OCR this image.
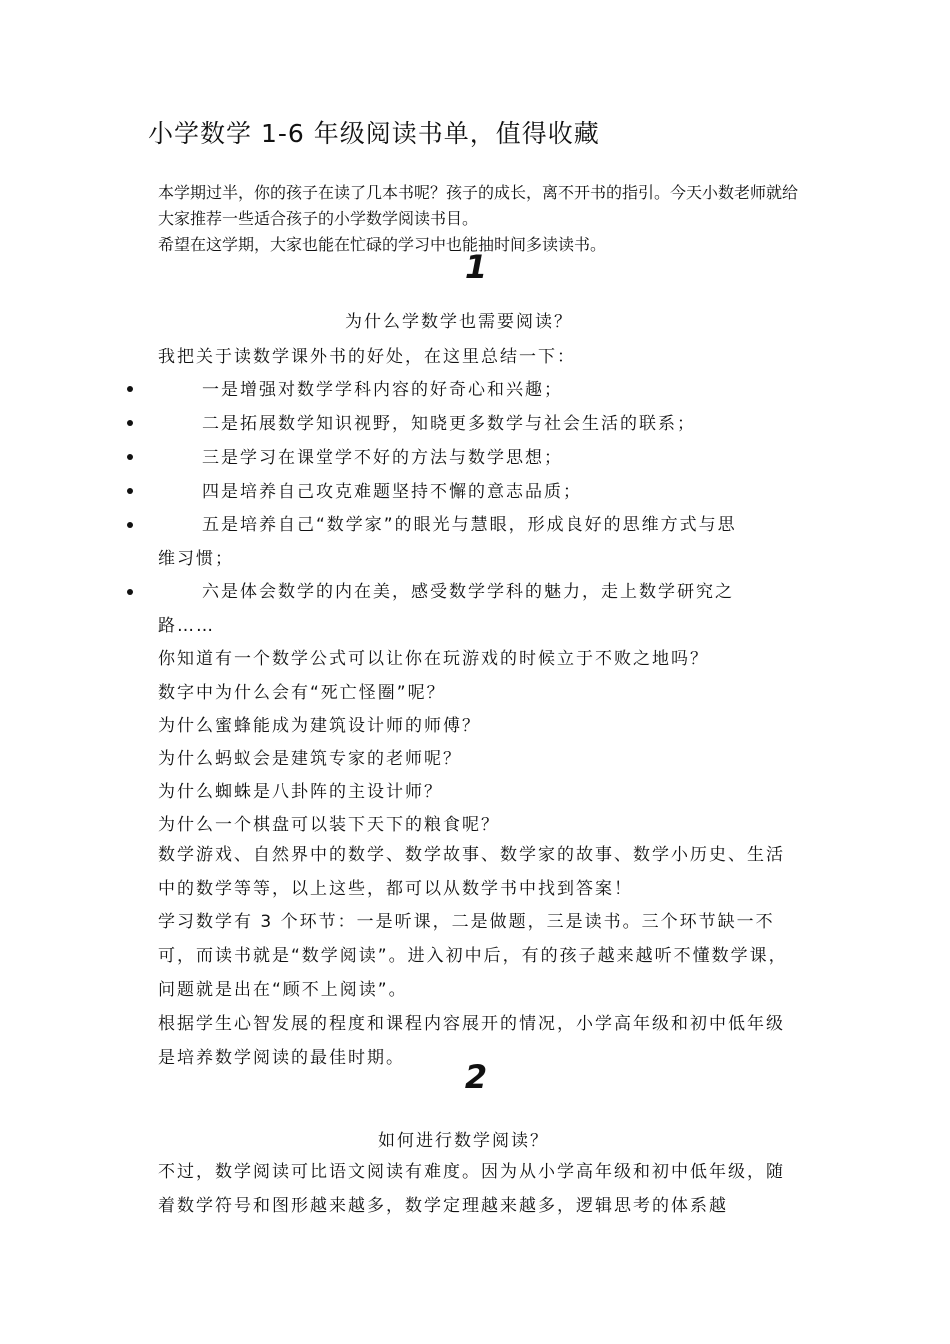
小学数学 1-6 年级阅读书单，值得收藏

本学期过半，你的孩子在读了几本书呢？孩子的成长，离不开书的指引。今天小数老师就给大家推荐一些适合孩子的小学数学阅读书目。

希望在这学期，大家也能在忙碌的学习中也能抽时间多读读书。

1
为什么学数学也需要阅读？
我把关于读数学课外书的好处，在这里总结一下：
一是增强对数学学科内容的好奇心和兴趣；
二是拓展数学知识视野，知晓更多数学与社会生活的联系；
三是学习在课堂学不好的方法与数学思想；
四是培养自己攻克难题坚持不懈的意志品质；
五是培养自己“数学家”的眼光与慧眼，形成良好的思维方式与思
维习惯；
六是体会数学的内在美，感受数学学科的魅力，走上数学研究之
路……
你知道有一个数学公式可以让你在玩游戏的时候立于不败之地吗？
数字中为什么会有“死亡怪圈”呢？
为什么蜜蜂能成为建筑设计师的师傅？
为什么蚂蚁会是建筑专家的老师呢？
为什么蜘蛛是八卦阵的主设计师？
为什么一个棋盘可以装下天下的粮食呢？

数学游戏、自然界中的数学、数学故事、数学家的故事、数学小历史、生活中的数学等等，以上这些，都可以从数学书中找到答案！

学习数学有 3 个环节：一是听课，二是做题，三是读书。三个环节缺一不可，而读书就是“数学阅读”。进入初中后，有的孩子越来越听不懂数学课，问题就是出在“顾不上阅读”。

根据学生心智发展的程度和课程内容展开的情况，小学高年级和初中低年级是培养数学阅读的最佳时期。	2
如何进行数学阅读？

不过，数学阅读可比语文阅读有难度。因为从小学高年级和初中低年级，随着数学符号和图形越来越多，数学定理越来越多，逻辑思考的体系越
